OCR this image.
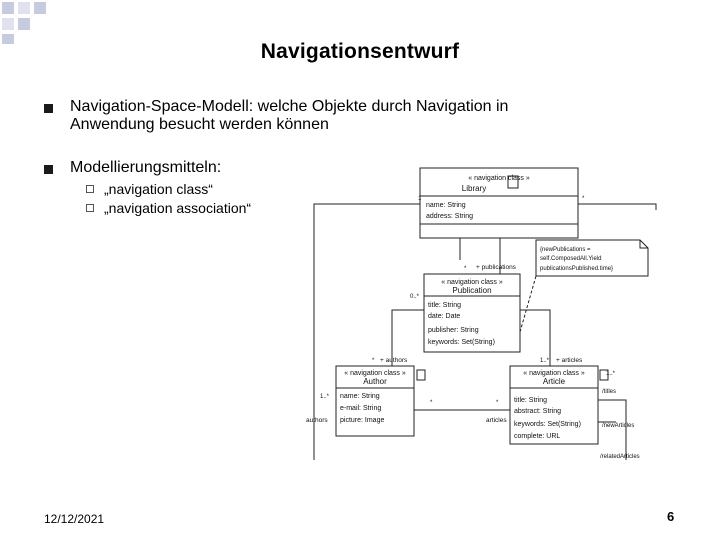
Navigationsentwurf
Navigation-Space-Modell: welche Objekte durch Navigation in Anwendung besucht werden können
Modellierungsmitteln:
„navigation class“
„navigation association“
« navigation class »
Library
name: String
address: String
« navigation class »
Publication
title: String
date: Date
publisher: String
keywords: Set(String)
« navigation class »
Author
name: String
e-mail: String
picture: Image
« navigation class »
Article
title: String
abstract: String
keywords: Set(String)
complete: URL
{newPublications =
self.ComposedAll.Yield
publicationsPublished.time}
+ publications
+ authors	+ articles
articles
authors
/newArticles
/titles
/relatedArticles
1	*
*
0..*
*	1..*
1..*
*	*
1..*
12/12/2021	6
